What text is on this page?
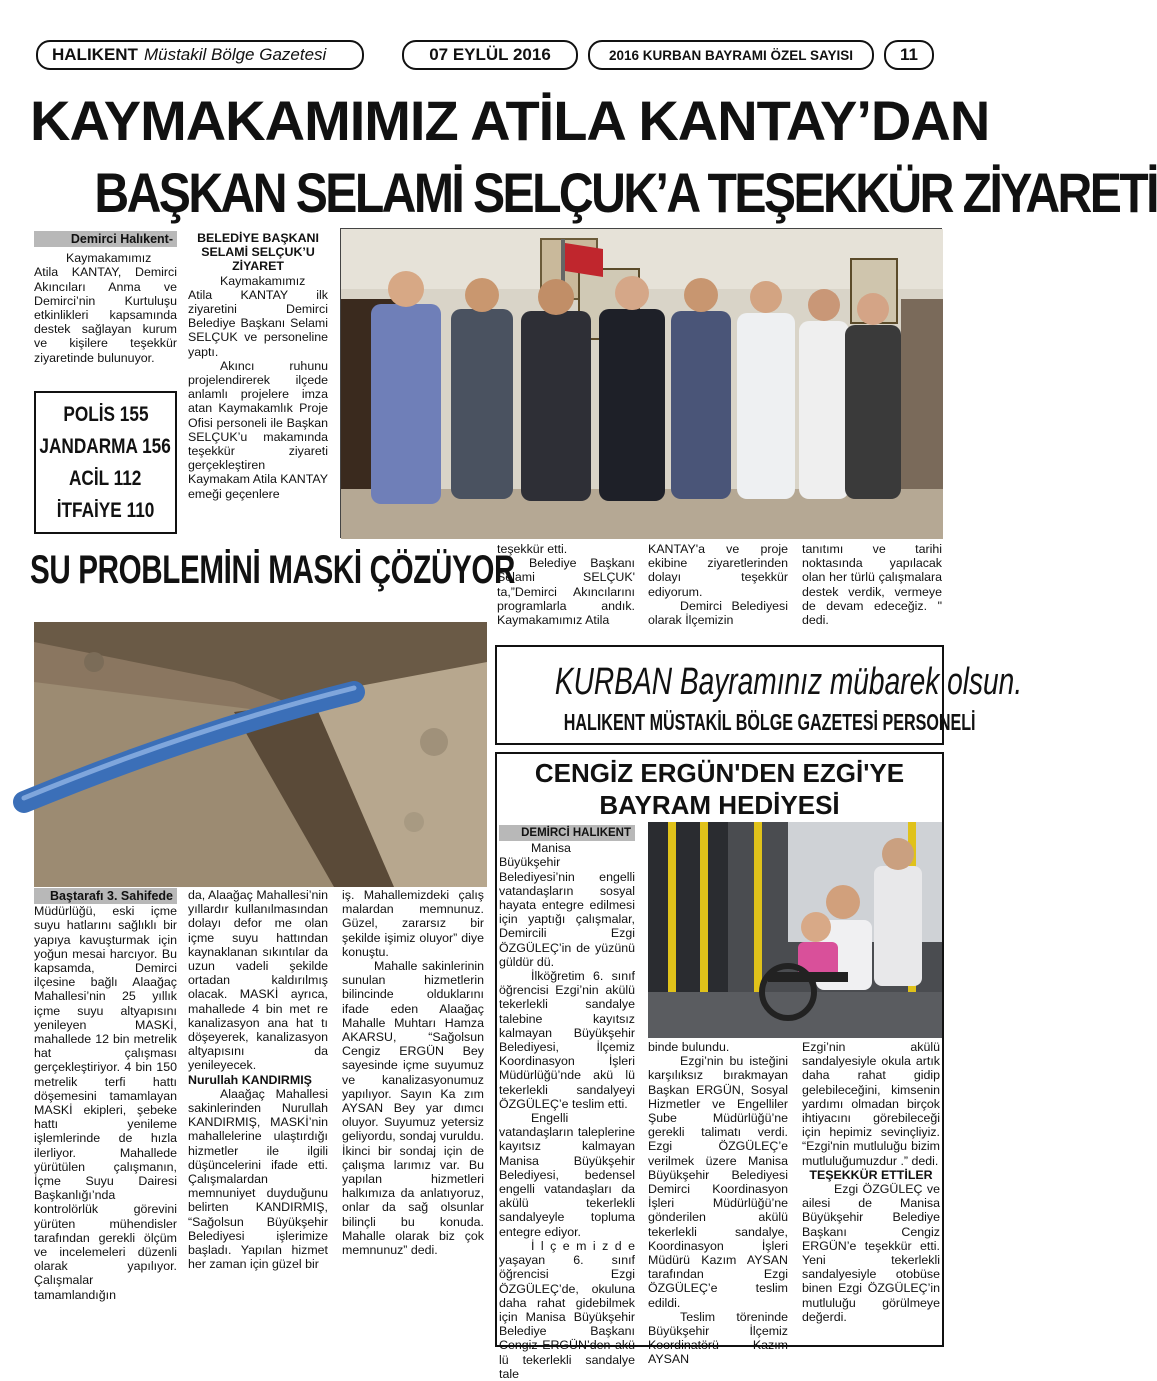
HALIKENT Müstakil Bölge Gazetesi	07 EYLÜL 2016	2016 KURBAN BAYRAMI ÖZEL SAYISI	11
KAYMAKAMIMIZ ATİLA KANTAY’DAN
BAŞKAN SELAMİ SELÇUK’A TEŞEKKÜR ZİYARETİ
Demirci Halıkent-

Kaymakamımız Atila KANTAY, Demirci Akıncıları Anma ve Demirci’nin Kurtuluşu etkinlikleri kapsamında destek sağlayan kurum ve kişilere teşekkür ziyaretinde bulunuyor.

POLİS 155
JANDARMA 156
ACİL 112
İTFAİYE 110
BELEDİYE BAŞKANI SELAMİ SELÇUK’U ZİYARET

Kaymakamımız Atila KANTAY ilk ziyaretini Demirci Belediye Başkanı Selami SELÇUK ve personeline yaptı.

Akıncı ruhunu projelendirerek ilçede anlamlı projelere imza atan Kaymakamlık Proje Ofisi personeli ile Başkan SELÇUK’u makamında teşekkür ziyareti gerçekleştiren Kaymakam Atila KANTAY emeği geçenlere

teşekkür etti.

Belediye Başkanı Selami SELÇUK' ta,”Demirci Akıncılarını programlarla andık. Kaymakamımız Atila

KANTAY'a ve proje ekibine ziyaretlerinden dolayı teşekkür ediyorum.

Demirci Belediyesi olarak İlçemizin

tanıtımı ve tarihi noktasında yapılacak olan her türlü çalışmalara destek verdik, vermeye de devam edeceğiz. " dedi.

SU PROBLEMİNİ MASKİ ÇÖZÜYOR
KURBAN Bayramınız mübarek olsun.
HALIKENT MÜSTAKİL BÖLGE GAZETESİ PERSONELİ
CENGİZ ERGÜN'DEN EZGİ'YE
BAYRAM HEDİYESİ
DEMİRCİ HALIKENT

Manisa Büyükşehir Belediyesi’nin engelli vatandaşların sosyal hayata entegre edilmesi için yaptığı çalışmalar, Demircili Ezgi ÖZGÜLEÇ’in de yüzünü güldür dü.

İlköğretim 6. sınıf öğrencisi Ezgi’nin akülü tekerlekli sandalye talebine kayıtsız kalmayan Büyükşehir Belediyesi, İlçemiz Koordinasyon İşleri Müdürlüğü’nde akü lü tekerlekli sandalyeyi ÖZGÜLEÇ’e teslim etti.

Engelli vatandaşların taleplerine kayıtsız kalmayan Manisa Büyükşehir Belediyesi, bedensel engelli vatandaşları da akülü tekerlekli sandalyeyle topluma entegre ediyor.

İ l ç e m i z d e yaşayan 6. sınıf öğrencisi Ezgi ÖZGÜLEÇ’de, okuluna daha rahat gidebilmek için Manisa Büyükşehir Belediye Başkanı Cengiz ERGÜN’den akü lü tekerlekli sandalye tale

binde bulundu.

Ezgi’nin bu isteğini karşılıksız bırakmayan Başkan ERGÜN, Sosyal Hizmetler ve Engelliler Şube Müdürlüğü’ne gerekli talimatı verdi. Ezgi ÖZGÜLEÇ’e verilmek üzere Manisa Büyükşehir Belediyesi Demirci Koordinasyon İşleri Müdürlüğü’ne gönderilen akülü tekerlekli sandalye, Koordinasyon İşleri Müdürü Kazım AYSAN tarafından Ezgi ÖZGÜLEÇ’e teslim edildi.

Teslim töreninde Büyükşehir İlçemiz Koordinatörü Kazım AYSAN

Ezgi’nin akülü sandalyesiyle okula artık daha rahat gidip gelebileceğini, kimsenin yardımı olmadan birçok ihtiyacını görebileceği için hepimiz sevinçliyiz. “Ezgi'nin mutluluğu bizim mutluluğumuzdur .” dedi.

TEŞEKKÜR ETTİLER

Ezgi ÖZGÜLEÇ ve ailesi de Manisa Büyükşehir Belediye Başkanı Cengiz ERGÜN’e teşekkür etti. Yeni tekerlekli sandalyesiyle otobüse binen Ezgi ÖZGÜLEÇ’in mutluluğu görülmeye değerdi.

Baştarafı 3. Sahifede

Müdürlüğü, eski içme suyu hatlarını sağlıklı bir yapıya kavuşturmak için yoğun mesai harcıyor. Bu kapsamda, Demirci ilçesine bağlı Alaağaç Mahallesi’nin 25 yıllık içme suyu altyapısını yenileyen MASKİ, mahallede 12 bin metrelik hat çalışması gerçekleştiriyor. 4 bin 150 metrelik terfi hattı döşemesini tamamlayan MASKİ ekipleri, şebeke hattı yenileme işlemlerinde de hızla ilerliyor. Mahallede yürütülen çalışmanın, İçme Suyu Dairesi Başkanlığı’nda kontrolörlük görevini yürüten mühendisler tarafından gerekli ölçüm ve incelemeleri düzenli olarak yapılıyor. Çalışmalar tamamlandığın

da, Alaağaç Mahallesi’nin yıllardır kullanılmasından dolayı defor me olan içme suyu hattından kaynaklanan sıkıntılar da uzun vadeli şekilde ortadan kaldırılmış olacak. MASKİ ayrıca, mahallede 4 bin met re kanalizasyon ana hat tı döşeyerek, kanalizasyon altyapısını da yenileyecek.

Nurullah KANDIRMIŞ

Alaağaç Mahallesi sakinlerinden Nurullah KANDIRMIŞ, MASKİ’nin mahallelerine ulaştırdığı hizmetler ile ilgili düşüncelerini ifade etti. Çalışmalardan memnuniyet duyduğunu belirten KANDIRMIŞ, “Sağolsun Büyükşehir Belediyesi işlerimize başladı. Yapılan hizmet her zaman için güzel bir

iş. Mahallemizdeki çalış malardan memnunuz. Güzel, zararsız bir şekilde işimiz oluyor” diye konuştu.

Mahalle sakinlerinin sunulan hizmetlerin bilincinde olduklarını ifade eden Alaağaç Mahalle Muhtarı Hamza AKARSU, “Sağolsun Cengiz ERGÜN Bey sayesinde içme suyumuz ve kanalizasyonumuz yapılıyor. Sayın Ka zım AYSAN Bey yar dımcı oluyor. Suyumuz yetersiz geliyordu, sondaj vuruldu. İkinci bir sondaj için de çalışma larımız var. Bu yapılan hizmetleri halkımıza da anlatıyoruz, onlar da sağ olsunlar bilinçli bu konuda. Mahalle olarak biz çok memnunuz” dedi.
